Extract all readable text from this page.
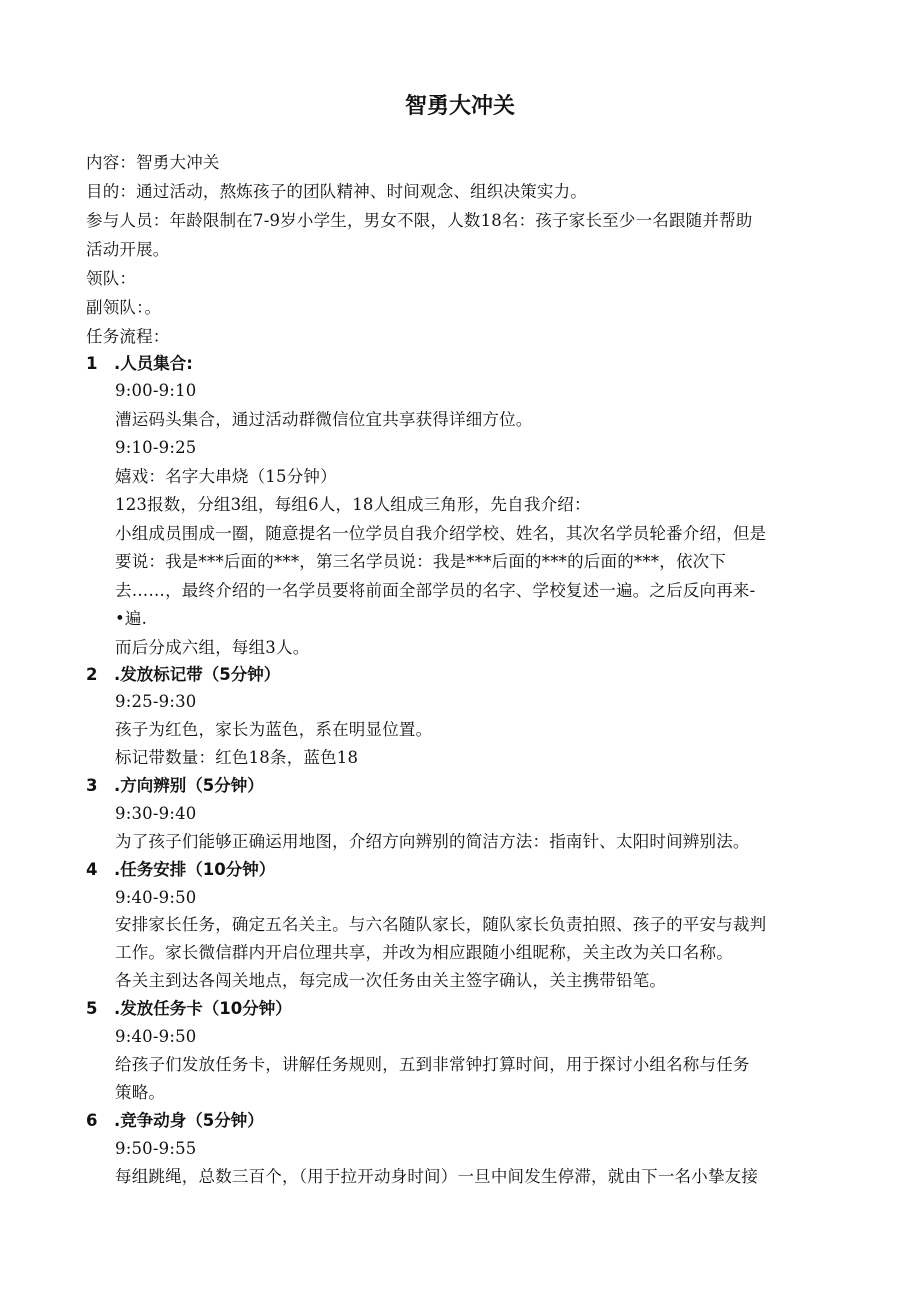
智勇大冲关
内容：智勇大冲关
目的：通过活动，熬炼孩子的团队精神、时间观念、组织决策实力。
参与人员：年龄限制在7-9岁小学生，男女不限，人数18名：孩子家长至少一名跟随并帮助
活动开展。
领队：
副领队：。
任务流程：
1 .人员集合:
9:00-9:10
漕运码头集合，通过活动群微信位宜共享获得详细方位。
9:10-9:25
嬉戏：名字大串烧（15分钟）
123报数，分组3组，每组6人，18人组成三角形，先自我介绍：
小组成员围成一圈，随意提名一位学员自我介绍学校、姓名，其次名学员轮番介绍，但是
要说：我是***后面的***，第三名学员说：我是***后面的***的后面的***，依次下
去……，最终介绍的一名学员要将前面全部学员的名字、学校复述一遍。之后反向再来-
•遍.
而后分成六组，每组3人。
2 .发放标记带（5分钟）
9:25-9:30
孩子为红色，家长为蓝色，系在明显位置。
标记带数量：红色18条，蓝色18
3 .方向辨别（5分钟）
9:30-9:40
为了孩子们能够正确运用地图，介绍方向辨别的简洁方法：指南针、太阳时间辨别法。
4 .任务安排（10分钟）
9:40-9:50
安排家长任务，确定五名关主。与六名随队家长，随队家长负责拍照、孩子的平安与裁判
工作。家长微信群内开启位理共享，并改为相应跟随小组昵称，关主改为关口名称。
各关主到达各闯关地点，每完成一次任务由关主签字确认，关主携带铅笔。
5 .发放任务卡（10分钟）
9:40-9:50
给孩子们发放任务卡，讲解任务规则，五到非常钟打算时间，用于探讨小组名称与任务
策略。
6 .竞争动身（5分钟）
9:50-9:55
每组跳绳，总数三百个，（用于拉开动身时间）一旦中间发生停滞，就由下一名小挚友接
